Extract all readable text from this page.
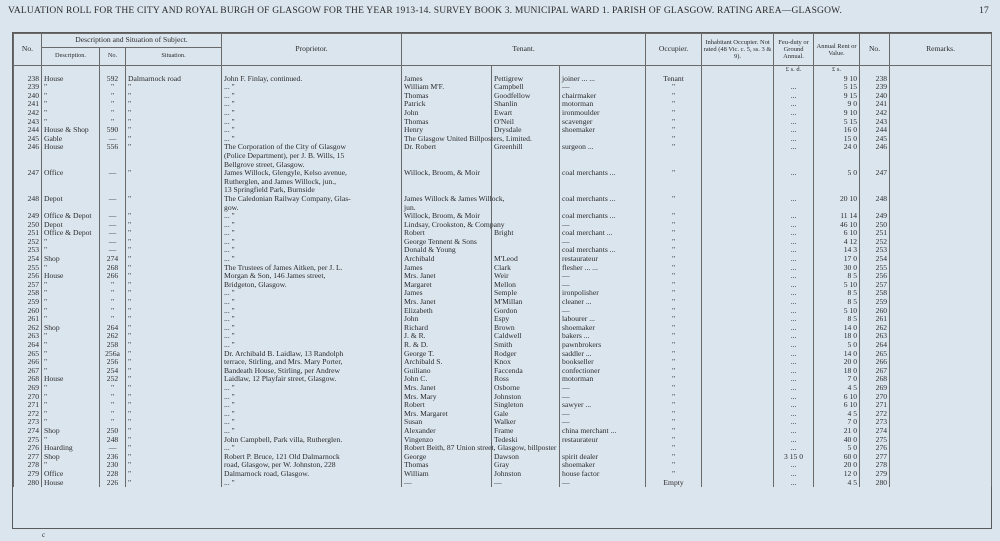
VALUATION ROLL FOR THE CITY AND ROYAL BURGH OF GLASGOW FOR THE YEAR 1913-14. SURVEY BOOK 3. MUNICIPAL WARD 1. PARISH OF GLASGOW. RATING AREA—GLASGOW.	17
No.	Description and Situation of Subject.			Proprietor.	Tenant.			Occupier.	Inhabitant Occupier. Not rated (48 Vic. c. 5, ss. 3 & 9).	Feu-duty or Ground Annual.	Annual Rent or Value.	No.	Remarks.
	Description.	No.	Situation.										
										£ s. d.	£ s.		
238	House	592	Dalmarnock road	John F. Finlay, continued.	James	Pettigrew	joiner ... ...	Tenant			9 10	238	
239	"	"	"	... "	William M'F.	Campbell	—	"		...	5 15	239	
240	"	"	"	... "	Thomas	Goodfellow	chairmaker	"		...	9 15	240	
241	"	"	"	... "	Patrick	Shanlin	motorman	"		...	9 0	241	
242	"	"	"	... "	John	Ewart	ironmoulder	"		...	9 10	242	
243	"	"	"	... "	Thomas	O'Neil	scavenger	"		...	5 15	243	
244	House & Shop	590	"	... "	Henry	Drysdale	shoemaker	"		...	16 0	244	
245	Gable	—	"	... "	The Glasgow United Billposters, Limited.			"		...	15 0	245	
246	House	556	"	The Corporation of the City of Glasgow	Dr. Robert	Greenhill	surgeon ...	"		...	24 0	246	
				(Police Department), per J. B. Wills, 15									
				Bellgrove street, Glasgow.									
247	Office	—	"	James Willock, Glengyle, Kelso avenue,	Willock, Broom, & Moir		coal merchants ...	"		...	5 0	247	
				Rutherglen, and James Willock, jun.,									
				13 Springfield Park, Burnside									
248	Depot	—	"	The Caledonian Railway Company, Glas-	James Willock & James Willock,		coal merchants ...	"		...	20 10	248	
				gow.	jun.								
249	Office & Depot	—	"	... "	Willock, Broom, & Moir		coal merchants ...	"		...	11 14	249	
250	Depot	—	"	... "	Lindsay, Crookston, & Company		—	"		...	46 10	250	
251	Office & Depot	—	"	... "	Robert	Bright	coal merchant ...	"		...	6 10	251	
252	"	—	"	... "	George Tennent & Sons		—	"		...	4 12	252	
253	"	—	"	... "	Donald & Young		coal merchants ...	"		...	14 3	253	
254	Shop	274	"	... "	Archibald	M'Leod	restaurateur	"		...	17 0	254	
255	"	268	"	The Trustees of James Aitken, per J. L.	James	Clark	flesher ... ...	"		...	30 0	255	
256	House	266	"	Morgan & Son, 146 James street,	Mrs. Janet	Weir	—	"		...	8 5	256	
257	"	"	"	Bridgeton, Glasgow.	Margaret	Mellon	—	"		...	5 10	257	
258	"	"	"	... "	James	Semple	ironpolisher	"		...	8 5	258	
259	"	"	"	... "	Mrs. Janet	M'Millan	cleaner ...	"		...	8 5	259	
260	"	"	"	... "	Elizabeth	Gordon	—	"		...	5 10	260	
261	"	"	"	... "	John	Espy	labourer ...	"		...	8 5	261	
262	Shop	264	"	... "	Richard	Brown	shoemaker	"		...	14 0	262	
263	"	262	"	... "	J. & R.	Caldwell	bakers ...	"		...	18 0	263	
264	"	258	"	... "	R. & D.	Smith	pawnbrokers	"		...	5 0	264	
265	"	256a	"	Dr. Archibald B. Laidlaw, 13 Randolph	George T.	Rodger	saddler ...	"		...	14 0	265	
266	"	256	"	terrace, Stirling, and Mrs. Mary Porter,	Archibald S.	Knox	bookseller	"		...	20 0	266	
267	"	254	"	Bandeath House, Stirling, per Andrew	Guiliano	Faccenda	confectioner	"		...	18 0	267	
268	House	252	"	Laidlaw, 12 Playfair street, Glasgow.	John C.	Ross	motorman	"		...	7 0	268	
269	"	"	"	... "	Mrs. Janet	Osborne	—	"		...	4 5	269	
270	"	"	"	... "	Mrs. Mary	Johnston	—	"		...	6 10	270	
271	"	"	"	... "	Robert	Singleton	sawyer ...	"		...	6 10	271	
272	"	"	"	... "	Mrs. Margaret	Gale	—	"		...	4 5	272	
273	"	"	"	... "	Susan	Walker	—	"		...	7 0	273	
274	Shop	250	"	... "	Alexander	Frame	china merchant ...	"		...	21 0	274	
275	"	248	"	John Campbell, Park villa, Rutherglen.	Vingenzo	Tedeski	restaurateur	"		...	40 0	275	
276	Hoarding	—	"	... "	Robert Beith, 87 Union street, Glasgow, billposter			"		...	5 0	276	
277	Shop	236	"	Robert P. Bruce, 121 Old Dalmarnock	George	Dawson	spirit dealer	"		3 15 0	60 0	277	
278	"	230	"	road, Glasgow, per W. Johnston, 228	Thomas	Gray	shoemaker	"		...	20 0	278	
279	Office	228	"	Dalmarnock road, Glasgow.	William	Johnston	house factor	"		...	12 0	279	
280	House	226	"	... "	—	—	—	Empty		...	4 5	280	
c
